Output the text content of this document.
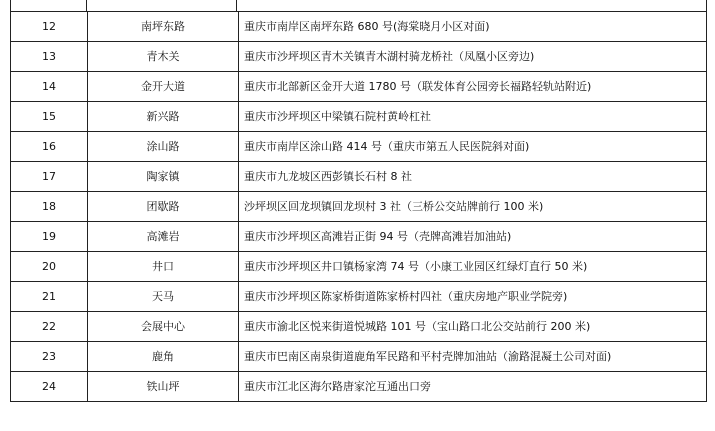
12	南坪东路	重庆市南岸区南坪东路 680 号(海棠晓月小区对面)
13	青木关	重庆市沙坪坝区青木关镇青木湖村骑龙桥社（凤凰小区旁边)
14	金开大道	重庆市北部新区金开大道 1780 号（联发体育公园旁长福路轻轨站附近)
15	新兴路	重庆市沙坪坝区中梁镇石院村黄岭杠社
16	涂山路	重庆市南岸区涂山路 414 号（重庆市第五人民医院斜对面)
17	陶家镇	重庆市九龙坡区西彭镇长石村 8 社
18	团歇路	沙坪坝区回龙坝镇回龙坝村 3 社（三桥公交站牌前行 100 米)
19	高滩岩	重庆市沙坪坝区高滩岩正街 94 号（壳牌高滩岩加油站)
20	井口	重庆市沙坪坝区井口镇杨家湾 74 号（小康工业园区红绿灯直行 50 米)
21	天马	重庆市沙坪坝区陈家桥街道陈家桥村四社（重庆房地产职业学院旁)
22	会展中心	重庆市渝北区悦来街道悦城路 101 号（宝山路口北公交站前行 200 米)
23	鹿角	重庆市巴南区南泉街道鹿角军民路和平村壳牌加油站（渝路混凝土公司对面)
24	铁山坪	重庆市江北区海尔路唐家沱互通出口旁
